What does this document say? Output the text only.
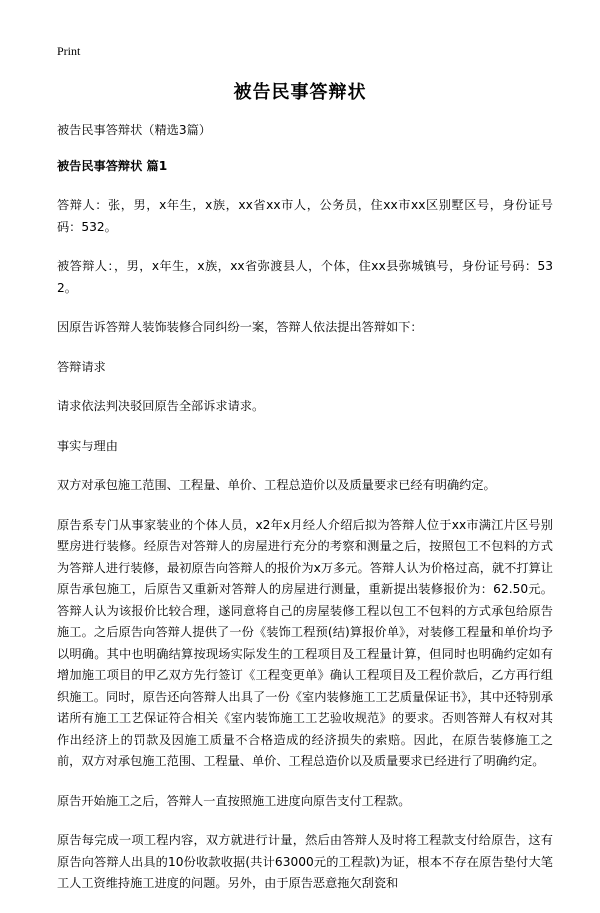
Print
被告民事答辩状

被告民事答辩状（精选3篇）

被告民事答辩状 篇1

答辩人：张，男，x年生，x族，xx省xx市人，公务员，住xx市xx区别墅区号，身份证号码：532。

被答辩人：，男，x年生，x族，xx省弥渡县人，个体，住xx县弥城镇号，身份证号码：532。

因原告诉答辩人装饰装修合同纠纷一案，答辩人依法提出答辩如下：

答辩请求

请求依法判决驳回原告全部诉求请求。

事实与理由

双方对承包施工范围、工程量、单价、工程总造价以及质量要求已经有明确约定。

原告系专门从事家装业的个体人员，x2年x月经人介绍后拟为答辩人位于xx市满江片区号别墅房进行装修。经原告对答辩人的房屋进行充分的考察和测量之后，按照包工不包料的方式为答辩人进行装修，最初原告向答辩人的报价为x万多元。答辩人认为价格过高，就不打算让原告承包施工，后原告又重新对答辩人的房屋进行测量，重新提出装修报价为：62.50元。答辩人认为该报价比较合理，遂同意将自己的房屋装修工程以包工不包料的方式承包给原告施工。之后原告向答辩人提供了一份《装饰工程预(结)算报价单》，对装修工程量和单价均予以明确。其中也明确结算按现场实际发生的工程项目及工程量计算，但同时也明确约定如有增加施工项目的甲乙双方先行签订《工程变更单》确认工程项目及工程价款后，乙方再行组织施工。同时，原告还向答辩人出具了一份《室内装修施工工艺质量保证书》，其中还特别承诺所有施工工艺保证符合相关《室内装饰施工工艺验收规范》的要求。否则答辩人有权对其作出经济上的罚款及因施工质量不合格造成的经济损失的索赔。因此，在原告装修施工之前，双方对承包施工范围、工程量、单价、工程总造价以及质量要求已经进行了明确约定。

原告开始施工之后，答辩人一直按照施工进度向原告支付工程款。

原告每完成一项工程内容，双方就进行计量，然后由答辩人及时将工程款支付给原告，这有原告向答辩人出具的10份收款收据(共计63000元的工程款)为证，根本不存在原告垫付大笔工人工资维持施工进度的问题。另外，由于原告恶意拖欠刮瓷和
